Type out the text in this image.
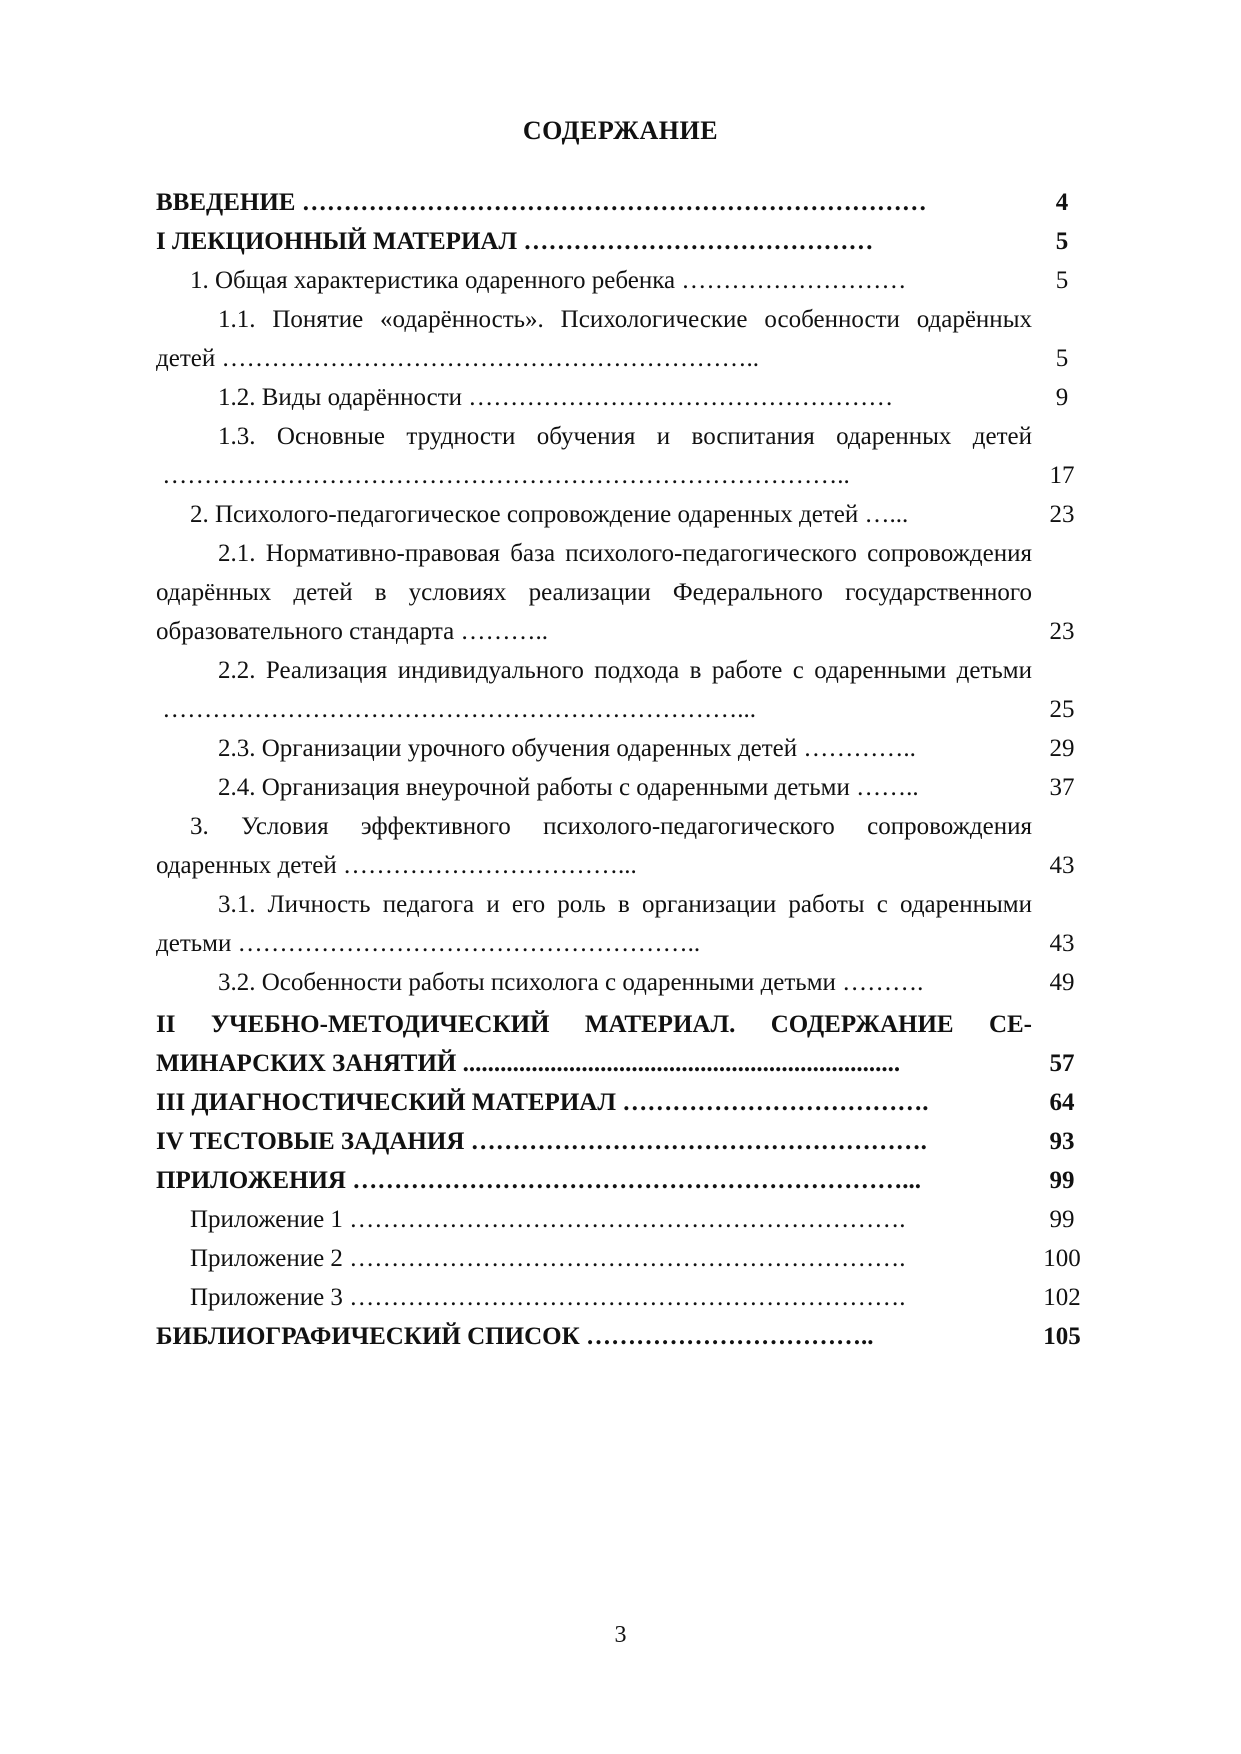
СОДЕРЖАНИЕ
ВВЕДЕНИЕ …………………………………………………………………	4
I ЛЕКЦИОННЫЙ МАТЕРИАЛ ……………………………………	5
1. Общая характеристика одаренного ребенка ………………………	5
1.1. Понятие «одарённость». Психологические особенности одарённых детей ………………………………………………………..	5
1.2. Виды одарённости ……………………………………………	9
1.3. Основные трудности обучения и воспитания одаренных детей ………………………………………………………………………..	17
2. Психолого-педагогическое сопровождение одаренных детей …...	23
2.1. Нормативно-правовая база психолого-педагогического сопровождения одарённых детей в условиях реализации Федерального государственного образовательного стандарта ………..	23
2.2. Реализация индивидуального подхода в работе с одаренными детьми ……………………………………………………………...	25
2.3. Организации урочного обучения одаренных детей …………..	29
2.4. Организация внеурочной работы с одаренными детьми ……..	37
3. Условия эффективного психолого-педагогического сопровождения одаренных детей ……………………………...	43
3.1. Личность педагога и его роль в организации работы с одаренными детьми ………………………………………………..	43
3.2. Особенности работы психолога с одаренными детьми ……….	49
II УЧЕБНО-МЕТОДИЧЕСКИЙ МАТЕРИАЛ. СОДЕРЖАНИЕ СЕ-МИНАРСКИХ ЗАНЯТИЙ ......................................................................	57
III ДИАГНОСТИЧЕСКИЙ МАТЕРИАЛ ……………………………….	64
IV ТЕСТОВЫЕ ЗАДАНИЯ ……………………………………………….	93
ПРИЛОЖЕНИЯ …………………………………………………………...	99
Приложение 1 ………………………………………………………….	99
Приложение 2 ………………………………………………………….	100
Приложение 3 ………………………………………………………….	102
БИБЛИОГРАФИЧЕСКИЙ СПИСОК ……………………………..	105
3
